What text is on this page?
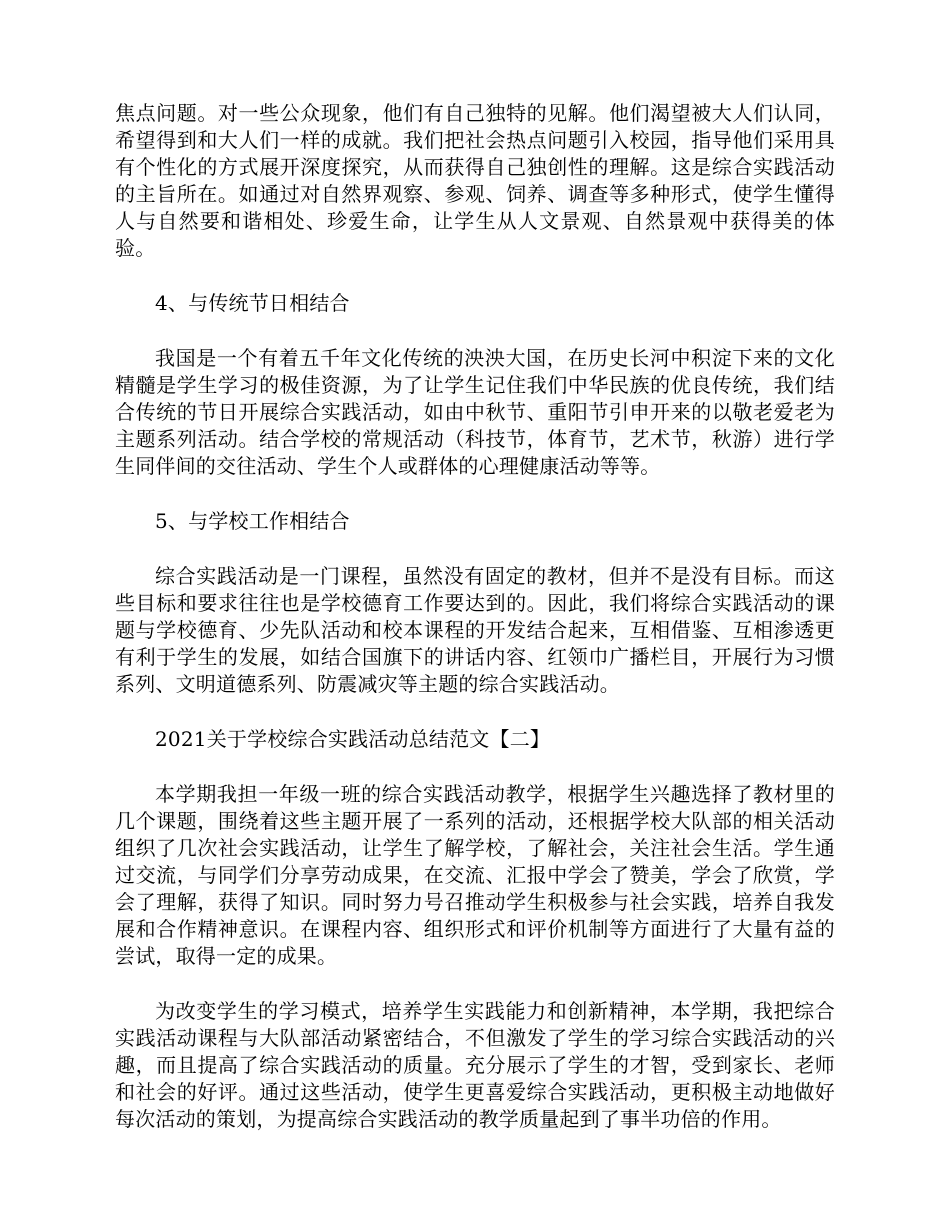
焦点问题。对一些公众现象，他们有自己独特的见解。他们渴望被大人们认同，希望得到和大人们一样的成就。我们把社会热点问题引入校园，指导他们采用具有个性化的方式展开深度探究，从而获得自己独创性的理解。这是综合实践活动的主旨所在。如通过对自然界观察、参观、饲养、调查等多种形式，使学生懂得人与自然要和谐相处、珍爱生命，让学生从人文景观、自然景观中获得美的体验。

4、与传统节日相结合

我国是一个有着五千年文化传统的泱泱大国，在历史长河中积淀下来的文化精髓是学生学习的极佳资源，为了让学生记住我们中华民族的优良传统，我们结合传统的节日开展综合实践活动，如由中秋节、重阳节引申开来的以敬老爱老为主题系列活动。结合学校的常规活动（科技节，体育节，艺术节，秋游）进行学生同伴间的交往活动、学生个人或群体的心理健康活动等等。

5、与学校工作相结合

综合实践活动是一门课程，虽然没有固定的教材，但并不是没有目标。而这些目标和要求往往也是学校德育工作要达到的。因此，我们将综合实践活动的课题与学校德育、少先队活动和校本课程的开发结合起来，互相借鉴、互相渗透更有利于学生的发展，如结合国旗下的讲话内容、红领巾广播栏目，开展行为习惯系列、文明道德系列、防震减灾等主题的综合实践活动。

2021关于学校综合实践活动总结范文【二】

本学期我担一年级一班的综合实践活动教学，根据学生兴趣选择了教材里的几个课题，围绕着这些主题开展了一系列的活动，还根据学校大队部的相关活动组织了几次社会实践活动，让学生了解学校，了解社会，关注社会生活。学生通过交流，与同学们分享劳动成果，在交流、汇报中学会了赞美，学会了欣赏，学会了理解，获得了知识。同时努力号召推动学生积极参与社会实践，培养自我发展和合作精神意识。在课程内容、组织形式和评价机制等方面进行了大量有益的尝试，取得一定的成果。

为改变学生的学习模式，培养学生实践能力和创新精神，本学期，我把综合实践活动课程与大队部活动紧密结合，不但激发了学生的学习综合实践活动的兴趣，而且提高了综合实践活动的质量。充分展示了学生的才智，受到家长、老师和社会的好评。通过这些活动，使学生更喜爱综合实践活动，更积极主动地做好每次活动的策划，为提高综合实践活动的教学质量起到了事半功倍的作用。
